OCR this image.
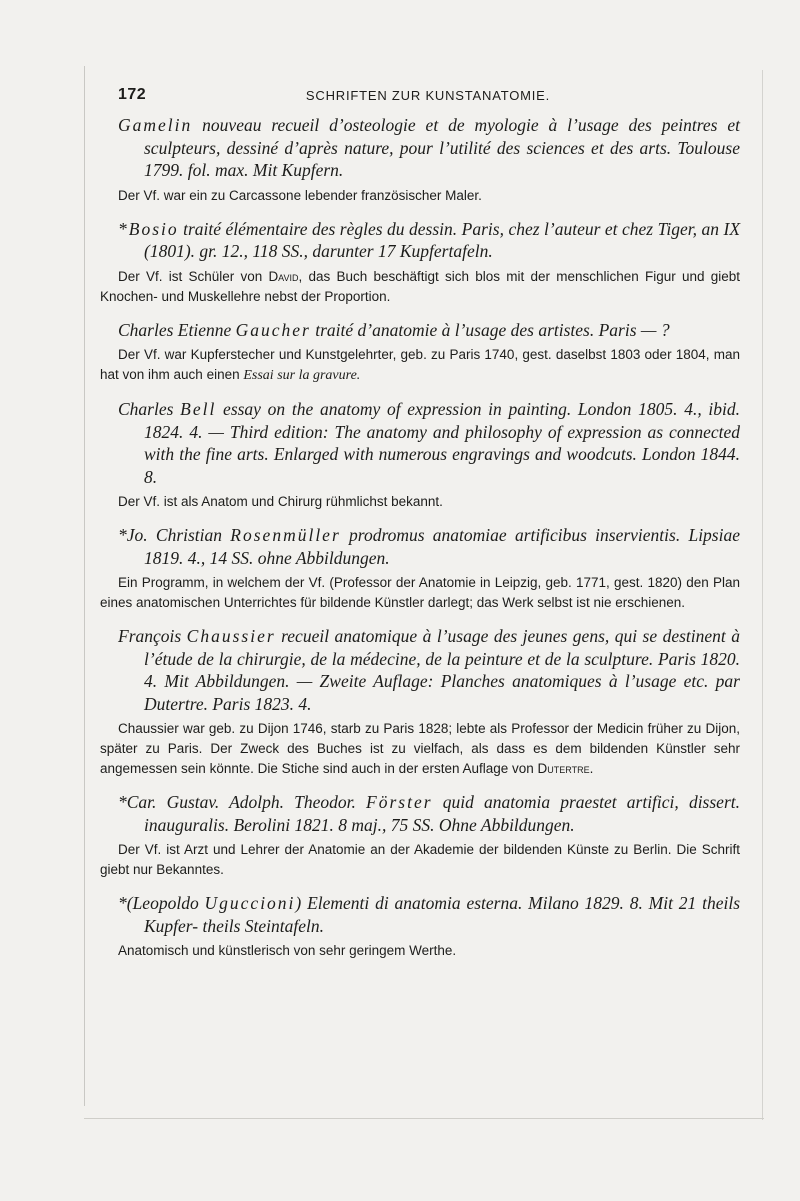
172	SCHRIFTEN ZUR KUNSTANATOMIE.

Gamelin nouveau recueil d’osteologie et de myologie à l’usage des peintres et sculpteurs, dessiné d’après nature, pour l’utilité des sciences et des arts. Toulouse 1799. fol. max. Mit Kupfern.

Der Vf. war ein zu Carcassone lebender französischer Maler.

*Bosio traité élémentaire des règles du dessin. Paris, chez l’auteur et chez Tiger, an IX (1801). gr. 12., 118 SS., darunter 17 Kupfertafeln.

Der Vf. ist Schüler von David, das Buch beschäftigt sich blos mit der menschlichen Figur und giebt Knochen- und Muskellehre nebst der Proportion.

Charles Etienne Gaucher traité d’anatomie à l’usage des artistes. Paris — ?

Der Vf. war Kupferstecher und Kunstgelehrter, geb. zu Paris 1740, gest. daselbst 1803 oder 1804, man hat von ihm auch einen Essai sur la gravure.

Charles Bell essay on the anatomy of expression in painting. London 1805. 4., ibid. 1824. 4. — Third edition: The anatomy and philosophy of expression as connected with the fine arts. Enlarged with numerous engravings and woodcuts. London 1844. 8.

Der Vf. ist als Anatom und Chirurg rühmlichst bekannt.

*Jo. Christian Rosenmüller prodromus anatomiae artificibus inservientis. Lipsiae 1819. 4., 14 SS. ohne Abbildungen.

Ein Programm, in welchem der Vf. (Professor der Anatomie in Leipzig, geb. 1771, gest. 1820) den Plan eines anatomischen Unterrichtes für bildende Künstler darlegt; das Werk selbst ist nie erschienen.

François Chaussier recueil anatomique à l’usage des jeunes gens, qui se destinent à l’étude de la chirurgie, de la médecine, de la peinture et de la sculpture. Paris 1820. 4. Mit Abbildungen. — Zweite Auflage: Planches anatomiques à l’usage etc. par Dutertre. Paris 1823. 4.

Chaussier war geb. zu Dijon 1746, starb zu Paris 1828; lebte als Professor der Medicin früher zu Dijon, später zu Paris. Der Zweck des Buches ist zu vielfach, als dass es dem bildenden Künstler sehr angemessen sein könnte. Die Stiche sind auch in der ersten Auflage von Dutertre.

*Car. Gustav. Adolph. Theodor. Förster quid anatomia praestet artifici, dissert. inauguralis. Berolini 1821. 8 maj., 75 SS. Ohne Abbildungen.

Der Vf. ist Arzt und Lehrer der Anatomie an der Akademie der bildenden Künste zu Berlin. Die Schrift giebt nur Bekanntes.

*(Leopoldo Uguccioni) Elementi di anatomia esterna. Milano 1829. 8. Mit 21 theils Kupfer- theils Steintafeln.

Anatomisch und künstlerisch von sehr geringem Werthe.
